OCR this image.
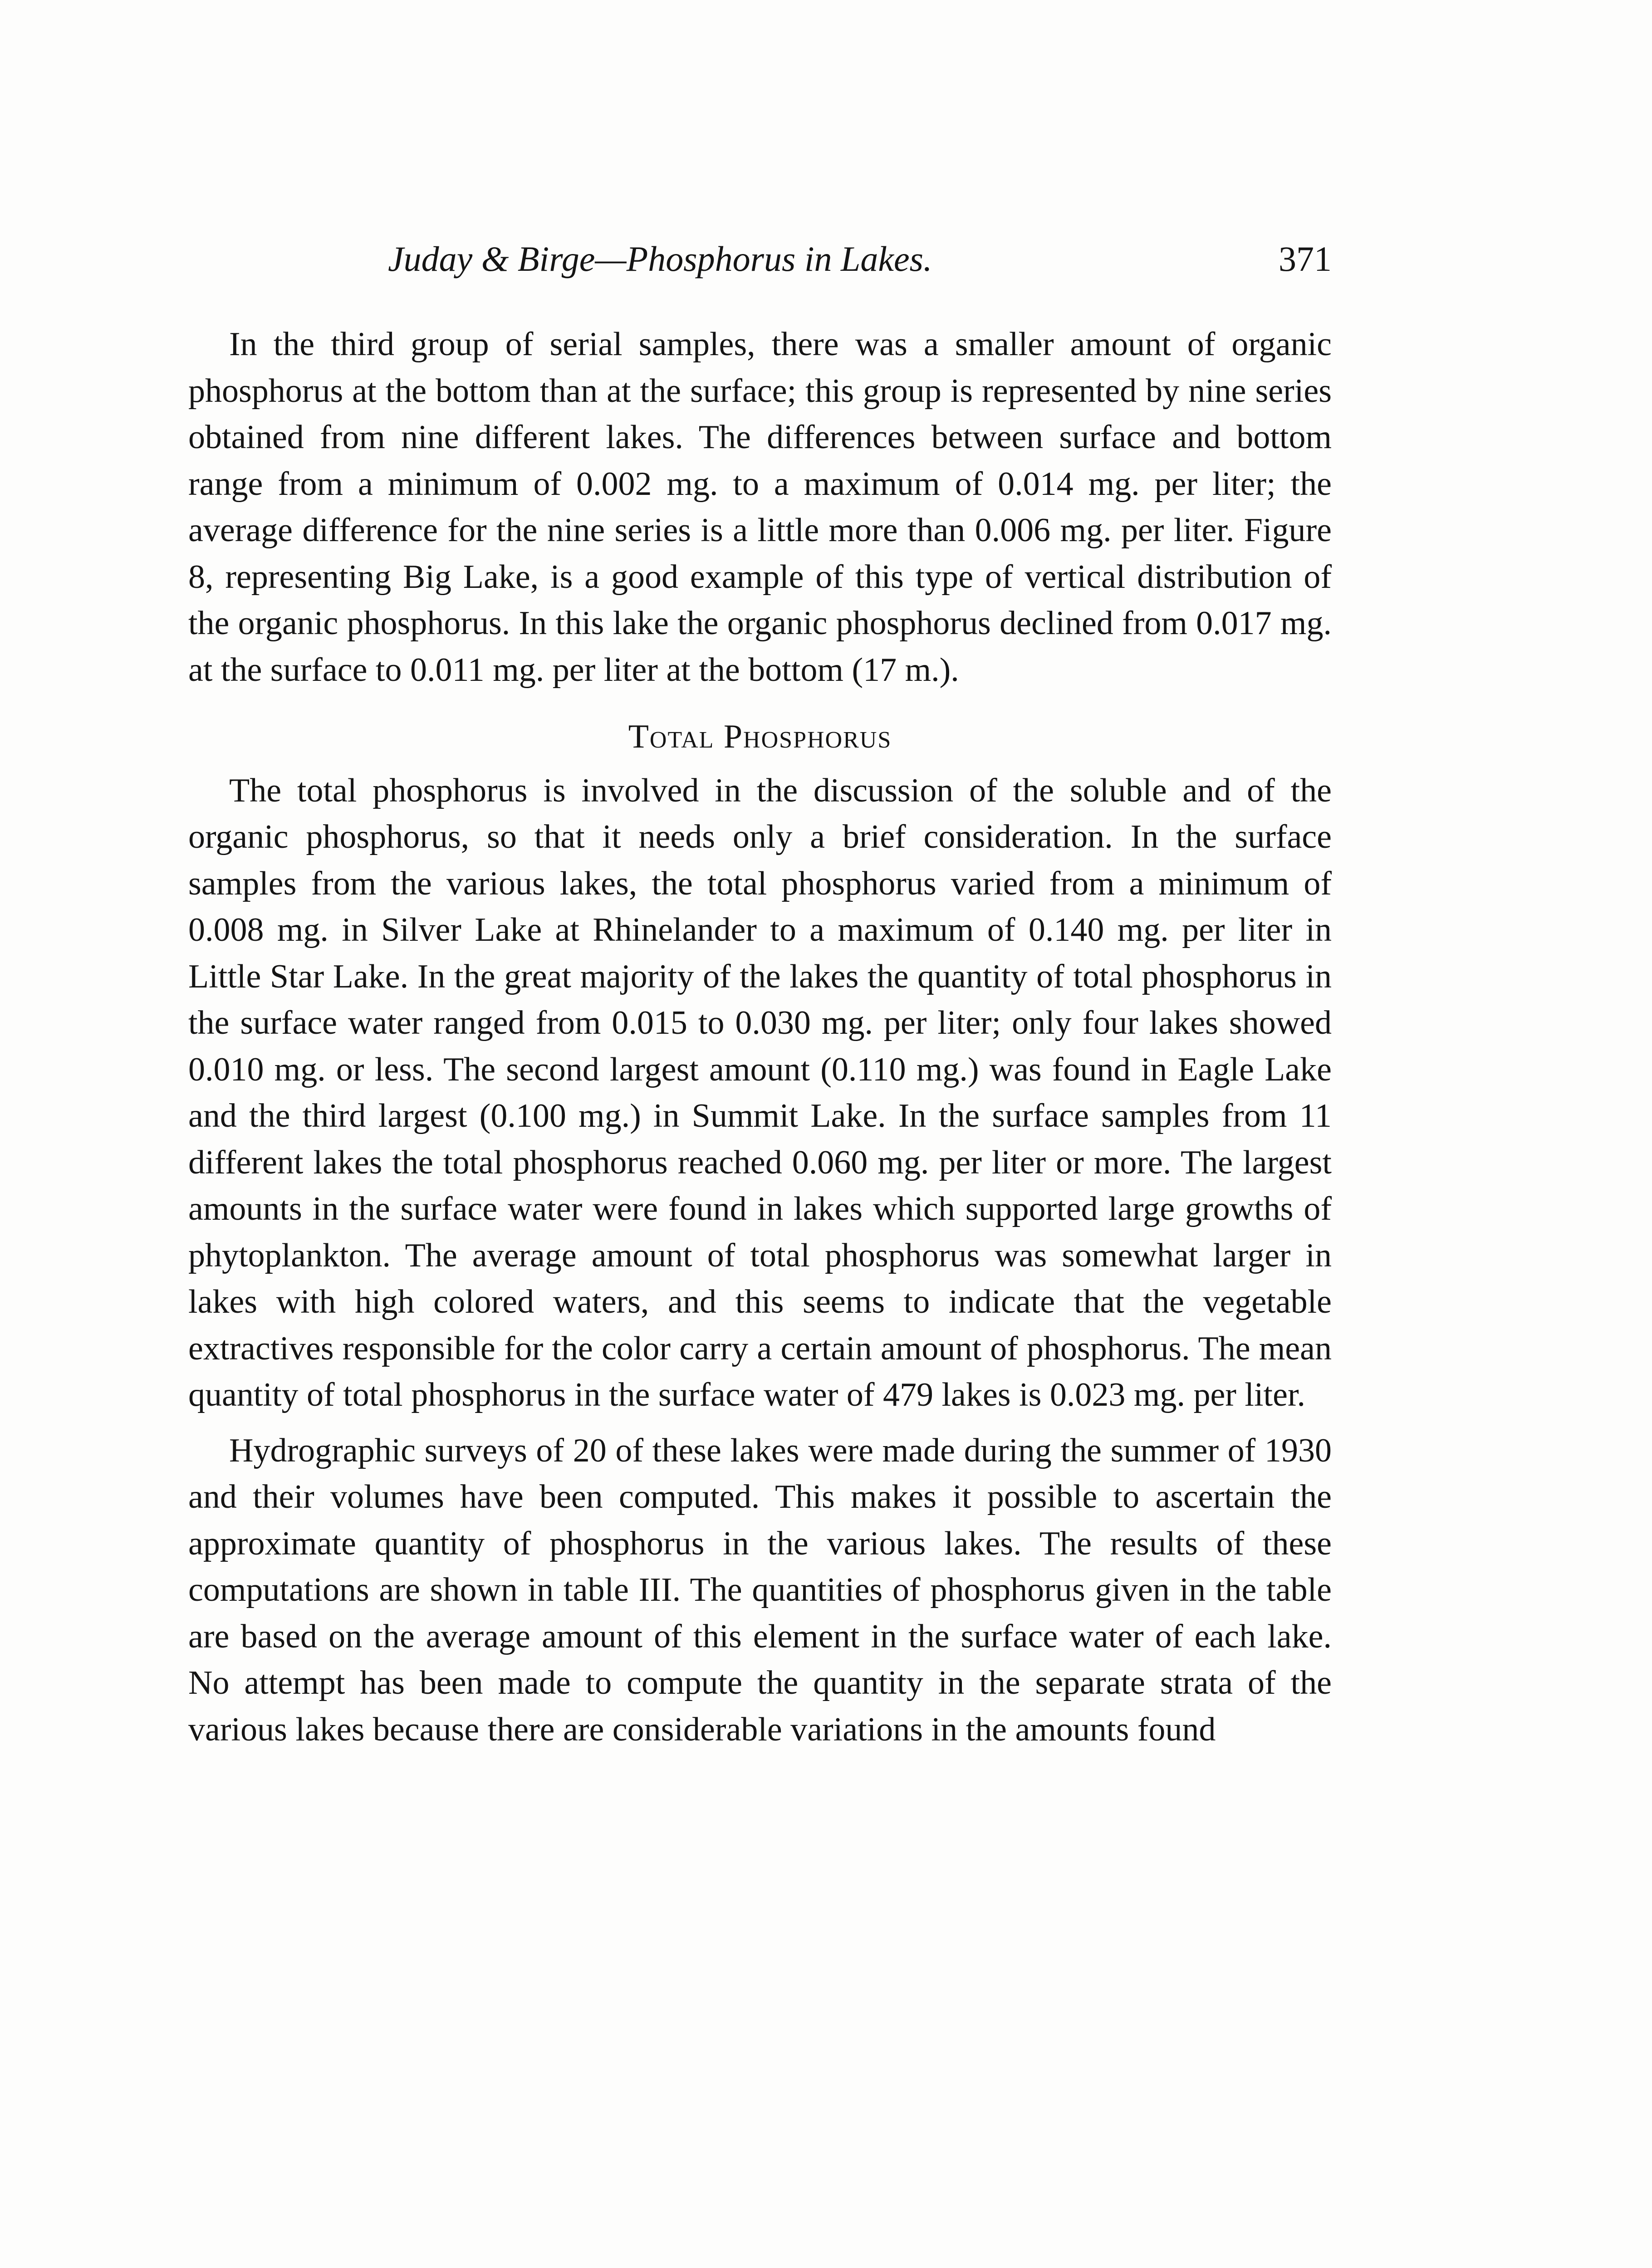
Juday & Birge—Phosphorus in Lakes.	371

In the third group of serial samples, there was a smaller amount of organic phosphorus at the bottom than at the surface; this group is represented by nine series obtained from nine different lakes. The differences between surface and bottom range from a minimum of 0.002 mg. to a maximum of 0.014 mg. per liter; the average difference for the nine series is a little more than 0.006 mg. per liter. Figure 8, representing Big Lake, is a good example of this type of vertical distribution of the organic phosphorus. In this lake the organic phosphorus declined from 0.017 mg. at the surface to 0.011 mg. per liter at the bottom (17 m.).

Total Phosphorus

The total phosphorus is involved in the discussion of the soluble and of the organic phosphorus, so that it needs only a brief consideration. In the surface samples from the various lakes, the total phosphorus varied from a minimum of 0.008 mg. in Silver Lake at Rhinelander to a maximum of 0.140 mg. per liter in Little Star Lake. In the great majority of the lakes the quantity of total phosphorus in the surface water ranged from 0.015 to 0.030 mg. per liter; only four lakes showed 0.010 mg. or less. The second largest amount (0.110 mg.) was found in Eagle Lake and the third largest (0.100 mg.) in Summit Lake. In the surface samples from 11 different lakes the total phosphorus reached 0.060 mg. per liter or more. The largest amounts in the surface water were found in lakes which supported large growths of phytoplankton. The average amount of total phosphorus was somewhat larger in lakes with high colored waters, and this seems to indicate that the vegetable extractives responsible for the color carry a certain amount of phosphorus. The mean quantity of total phosphorus in the surface water of 479 lakes is 0.023 mg. per liter.

Hydrographic surveys of 20 of these lakes were made during the summer of 1930 and their volumes have been computed. This makes it possible to ascertain the approximate quantity of phosphorus in the various lakes. The results of these computations are shown in table III. The quantities of phosphorus given in the table are based on the average amount of this element in the surface water of each lake. No attempt has been made to compute the quantity in the separate strata of the various lakes because there are considerable variations in the amounts found
